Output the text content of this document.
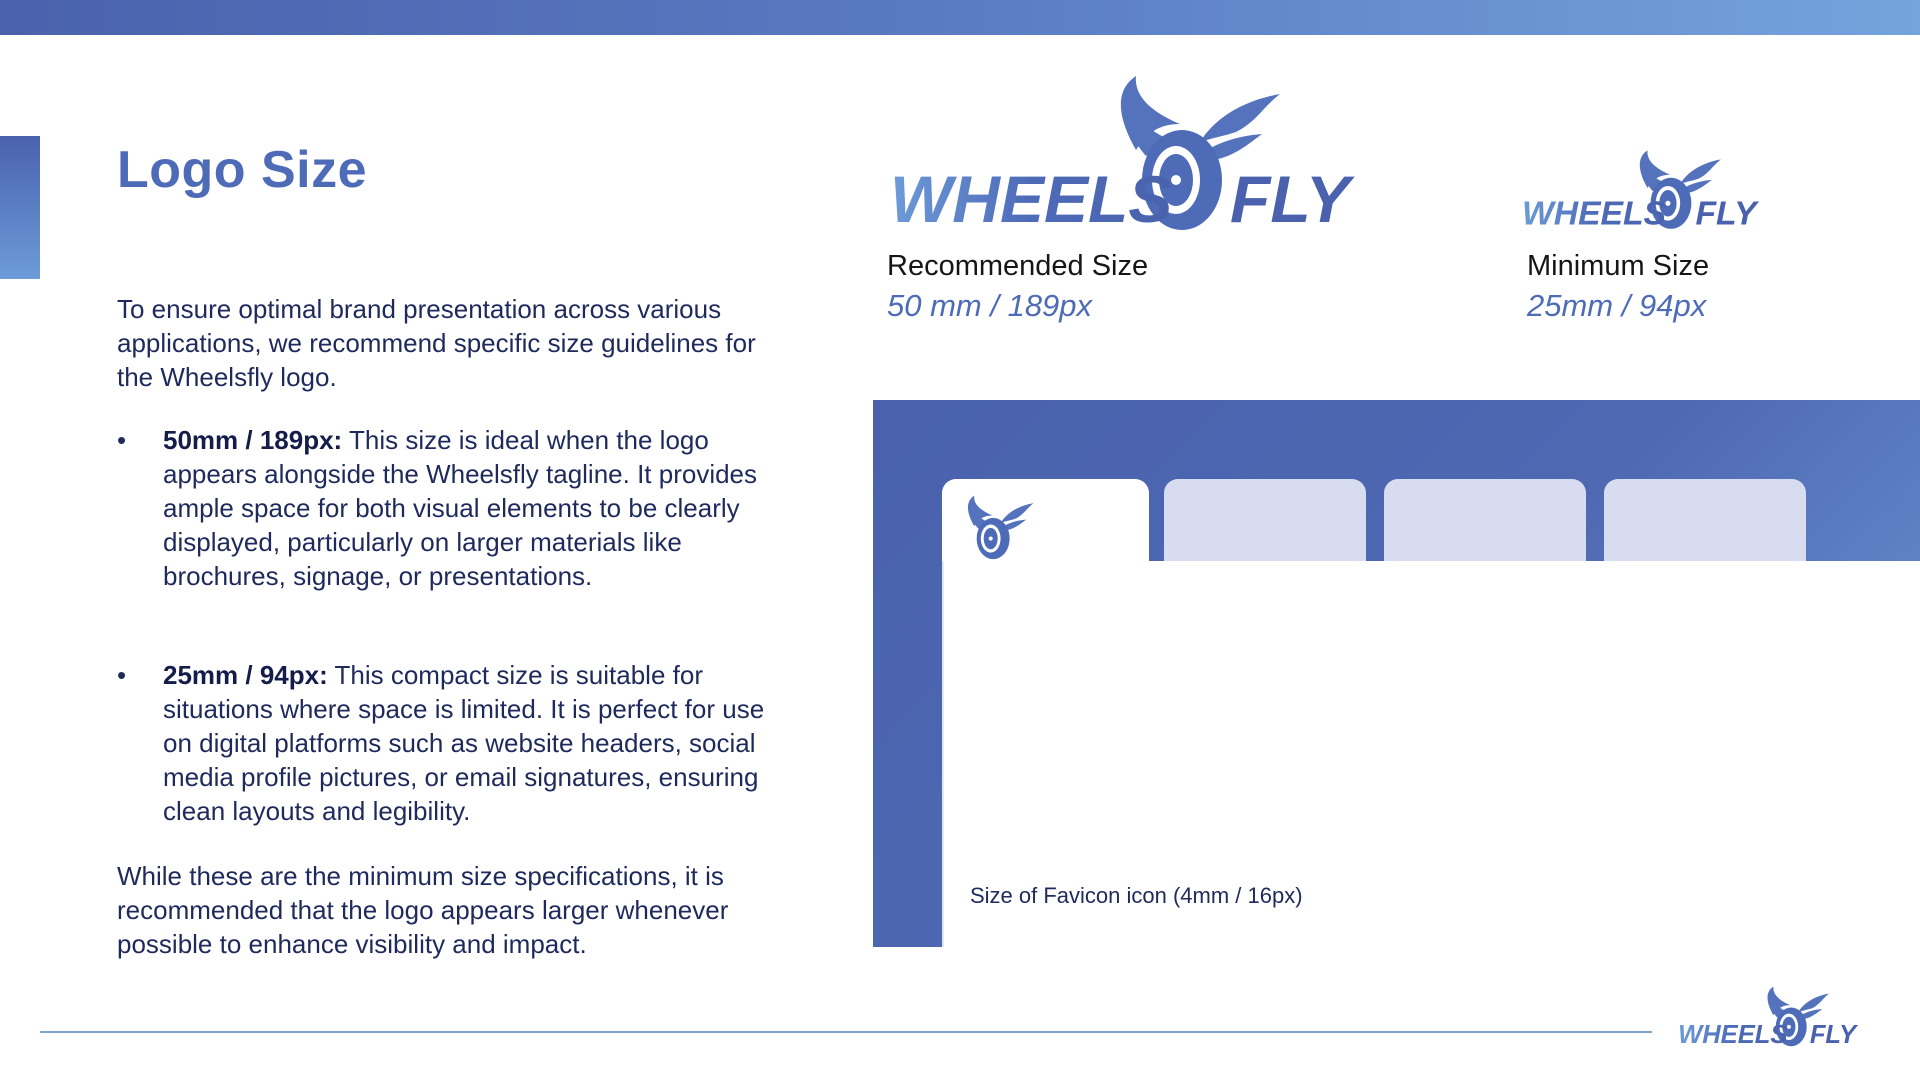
Logo Size

To ensure optimal brand presentation across various applications, we recommend specific size guidelines for the Wheelsfly logo.

• 50mm / 189px: This size is ideal when the logo appears alongside the Wheelsfly tagline. It provides ample space for both visual elements to be clearly displayed, particularly on larger materials like brochures, signage, or presentations.
• 25mm / 94px: This compact size is suitable for situations where space is limited. It is perfect for use on digital platforms such as website headers, social media profile pictures, or email signatures, ensuring clean layouts and legibility.

While these are the minimum size specifications, it is recommended that the logo appears larger whenever possible to enhance visibility and impact.

WHEELS FLY
Recommended Size
50 mm / 189px
WHEELS FLY
Minimum Size
25mm / 94px
Size of Favicon icon (4mm / 16px)
WHEELS FLY
